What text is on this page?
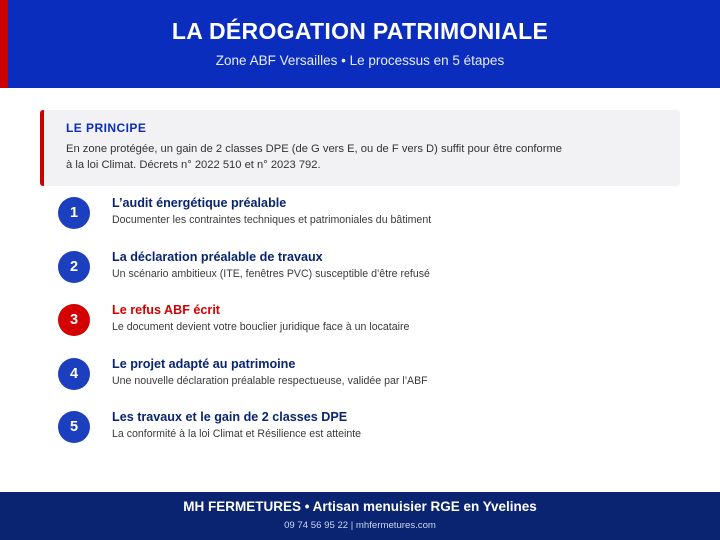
LA DÉROGATION PATRIMONIALE

Zone ABF Versailles • Le processus en 5 étapes

LE PRINCIPE

En zone protégée, un gain de 2 classes DPE (de G vers E, ou de F vers D) suffit pour être conforme à la loi Climat. Décrets n° 2022 510 et n° 2023 792.

1
L’audit énergétique préalable

Documenter les contraintes techniques et patrimoniales du bâtiment

2
La déclaration préalable de travaux

Un scénario ambitieux (ITE, fenêtres PVC) susceptible d’être refusé

3
Le refus ABF écrit

Le document devient votre bouclier juridique face à un locataire

4
Le projet adapté au patrimoine

Une nouvelle déclaration préalable respectueuse, validée par l’ABF

5
Les travaux et le gain de 2 classes DPE

La conformité à la loi Climat et Résilience est atteinte

MH FERMETURES • Artisan menuisier RGE en Yvelines

09 74 56 95 22 | mhfermetures.com
